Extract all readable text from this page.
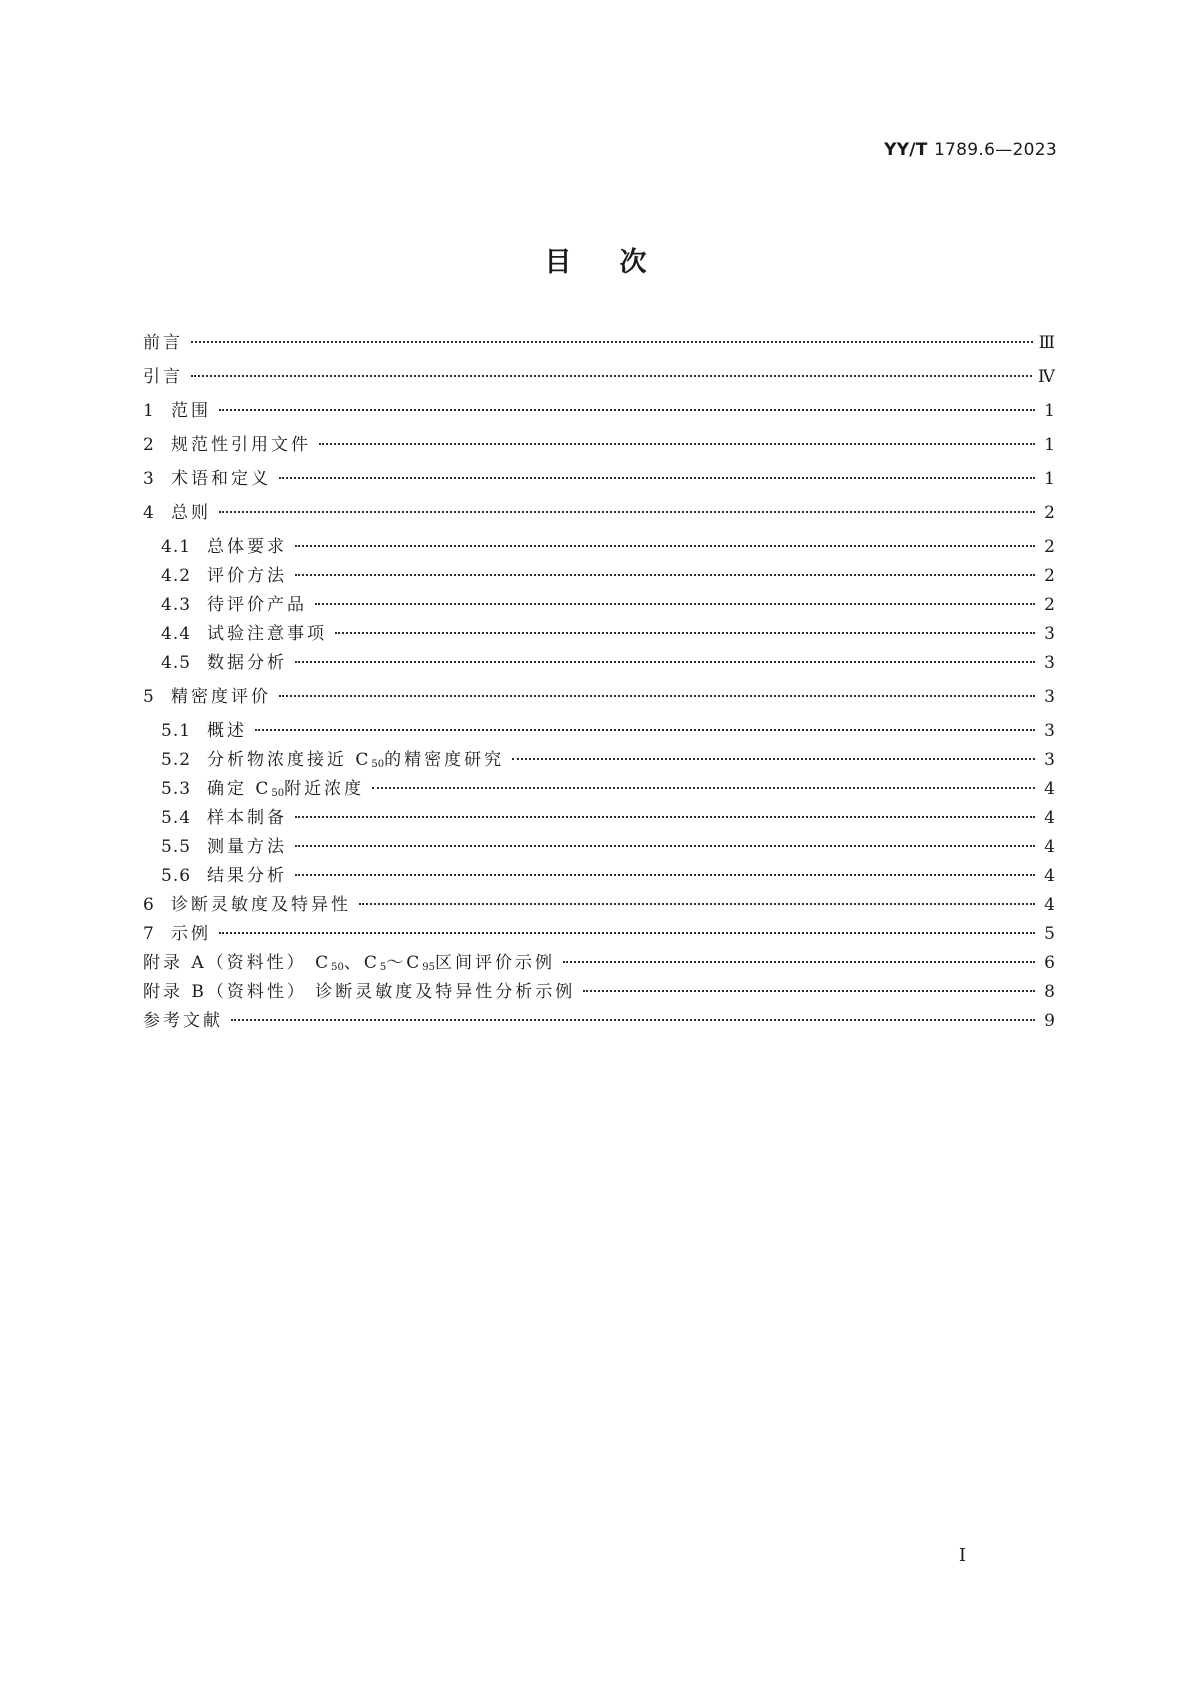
YY/T 1789.6—2023
目次
前言	Ⅲ
引言	Ⅳ
1 范围	1
2 规范性引用文件	1
3 术语和定义	1
4 总则	2
4.1 总体要求	2
4.2 评价方法	2
4.3 待评价产品	2
4.4 试验注意事项	3
4.5 数据分析	3
5 精密度评价	3
5.1 概述	3
5.2 分析物浓度接近 $C_{50}$的精密度研究	3
5.3 确定 $C_{50}$附近浓度	4
5.4 样本制备	4
5.5 测量方法	4
5.6 结果分析	4
6 诊断灵敏度及特异性	4
7 示例	5
附录 A（资料性） $C_{50}$、$C_5\sim C_{95}$区间评价示例	6
附录 B（资料性） 诊断灵敏度及特异性分析示例	8
参考文献	9
I
